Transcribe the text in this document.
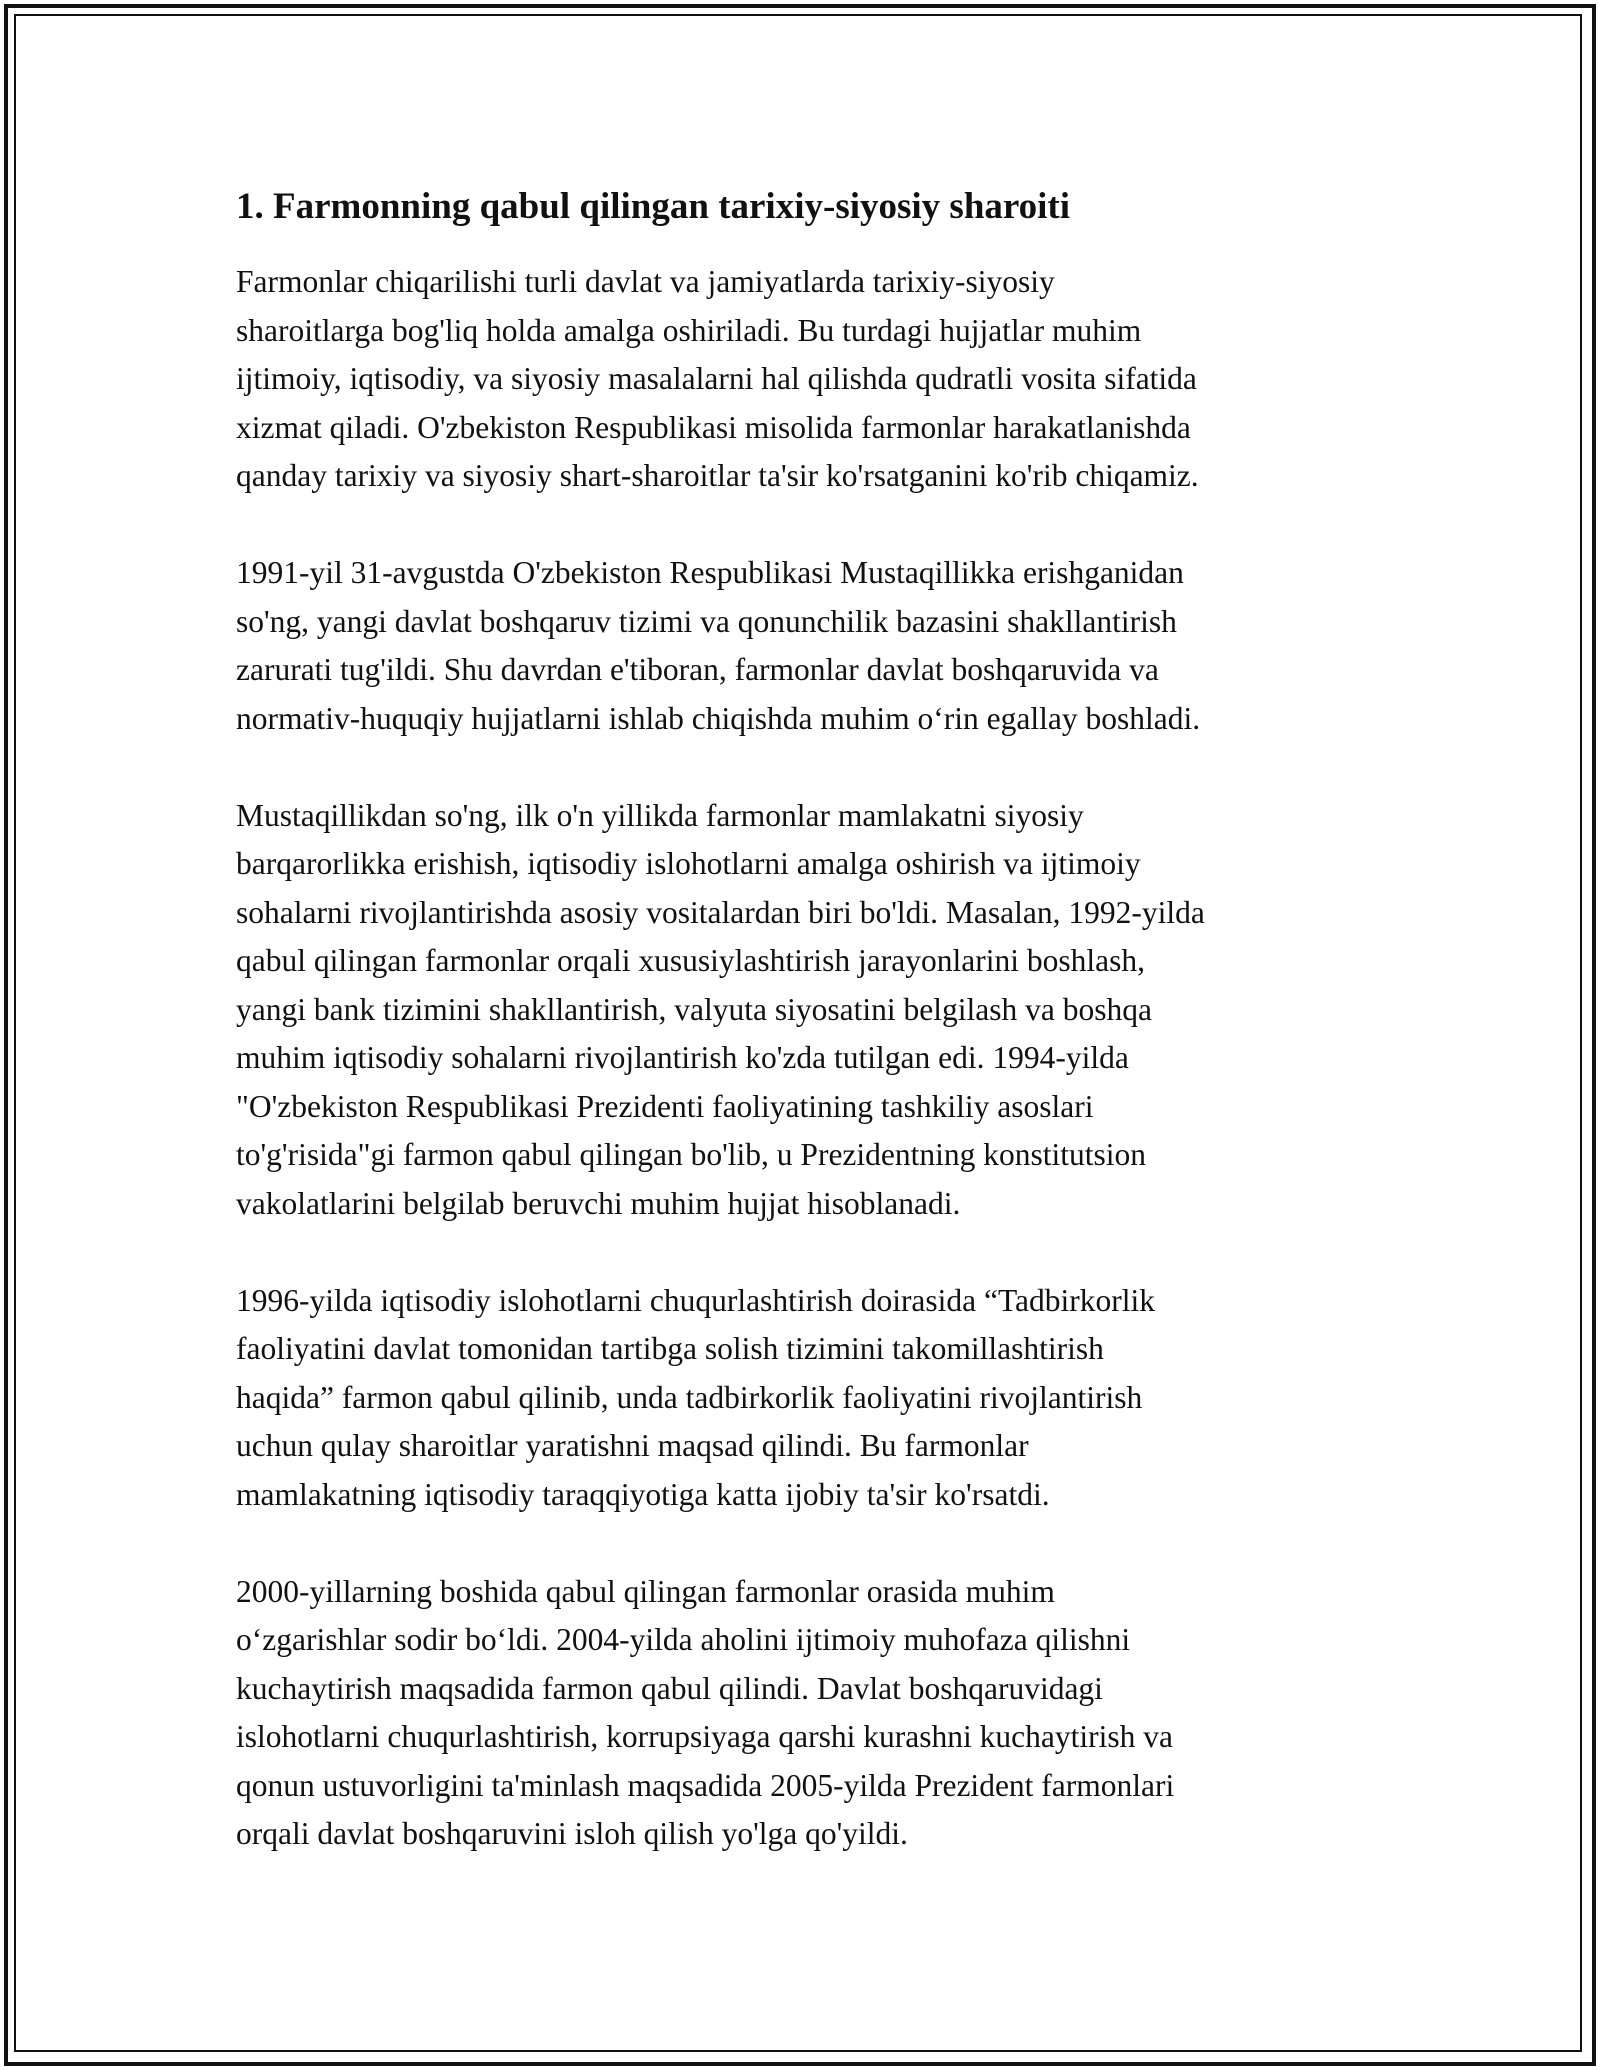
1. Farmonning qabul qilingan tarixiy-siyosiy sharoiti

Farmonlar chiqarilishi turli davlat va jamiyatlarda tarixiy-siyosiy
sharoitlarga bog'liq holda amalga oshiriladi. Bu turdagi hujjatlar muhim
ijtimoiy, iqtisodiy, va siyosiy masalalarni hal qilishda qudratli vosita sifatida
xizmat qiladi. O'zbekiston Respublikasi misolida farmonlar harakatlanishda
qanday tarixiy va siyosiy shart-sharoitlar ta'sir ko'rsatganini ko'rib chiqamiz.

1991-yil 31-avgustda O'zbekiston Respublikasi Mustaqillikka erishganidan
so'ng, yangi davlat boshqaruv tizimi va qonunchilik bazasini shakllantirish
zarurati tug'ildi. Shu davrdan e'tiboran, farmonlar davlat boshqaruvida va
normativ-huquqiy hujjatlarni ishlab chiqishda muhim o‘rin egallay boshladi.

Mustaqillikdan so'ng, ilk o'n yillikda farmonlar mamlakatni siyosiy
barqarorlikka erishish, iqtisodiy islohotlarni amalga oshirish va ijtimoiy
sohalarni rivojlantirishda asosiy vositalardan biri bo'ldi. Masalan, 1992-yilda
qabul qilingan farmonlar orqali xususiylashtirish jarayonlarini boshlash,
yangi bank tizimini shakllantirish, valyuta siyosatini belgilash va boshqa
muhim iqtisodiy sohalarni rivojlantirish ko'zda tutilgan edi. 1994-yilda
"O'zbekiston Respublikasi Prezidenti faoliyatining tashkiliy asoslari
to'g'risida"gi farmon qabul qilingan bo'lib, u Prezidentning konstitutsion
vakolatlarini belgilab beruvchi muhim hujjat hisoblanadi.

1996-yilda iqtisodiy islohotlarni chuqurlashtirish doirasida “Tadbirkorlik
faoliyatini davlat tomonidan tartibga solish tizimini takomillashtirish
haqida” farmon qabul qilinib, unda tadbirkorlik faoliyatini rivojlantirish
uchun qulay sharoitlar yaratishni maqsad qilindi. Bu farmonlar
mamlakatning iqtisodiy taraqqiyotiga katta ijobiy ta'sir ko'rsatdi.

2000-yillarning boshida qabul qilingan farmonlar orasida muhim
o‘zgarishlar sodir bo‘ldi. 2004-yilda aholini ijtimoiy muhofaza qilishni
kuchaytirish maqsadida farmon qabul qilindi. Davlat boshqaruvidagi
islohotlarni chuqurlashtirish, korrupsiyaga qarshi kurashni kuchaytirish va
qonun ustuvorligini ta'minlash maqsadida 2005-yilda Prezident farmonlari
orqali davlat boshqaruvini isloh qilish yo'lga qo'yildi.
